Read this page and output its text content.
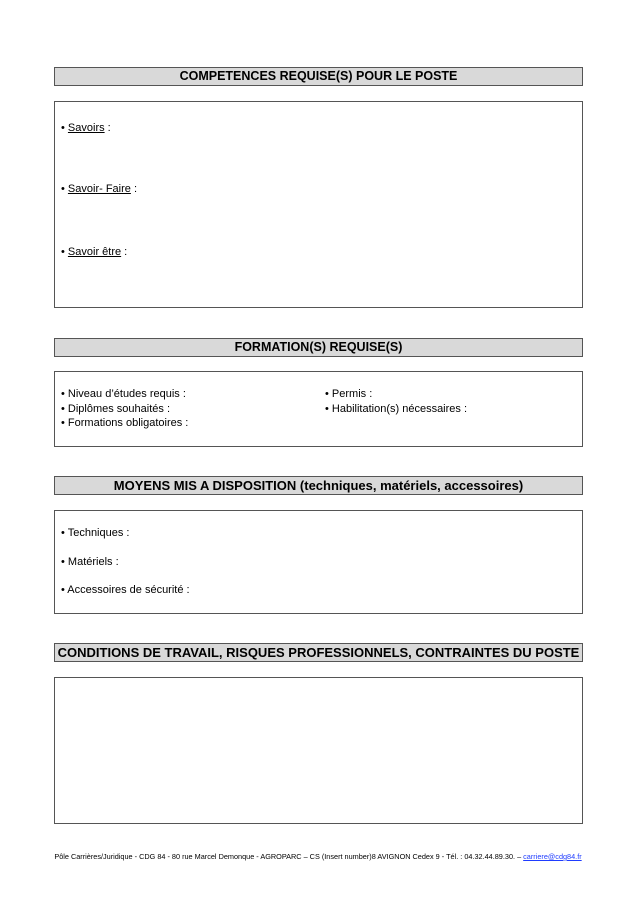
COMPETENCES REQUISE(S) POUR LE POSTE
• Savoirs :
• Savoir- Faire :
• Savoir être :
FORMATION(S) REQUISE(S)
• Niveau d’études requis :
• Diplômes souhaités :
• Formations obligatoires :
• Permis :
• Habilitation(s) nécessaires :
MOYENS MIS A DISPOSITION (techniques, matériels, accessoires)
• Techniques :
• Matériels :
• Accessoires de sécurité :
CONDITIONS DE TRAVAIL, RISQUES PROFESSIONNELS, CONTRAINTES DU POSTE
Pôle Carrières/Juridique - CDG 84 - 80 rue Marcel Demonque - AGROPARC – CS (Insert number)8 AVIGNON Cedex 9 - Tél. : 04.32.44.89.30. – carriere@cdg84.fr
